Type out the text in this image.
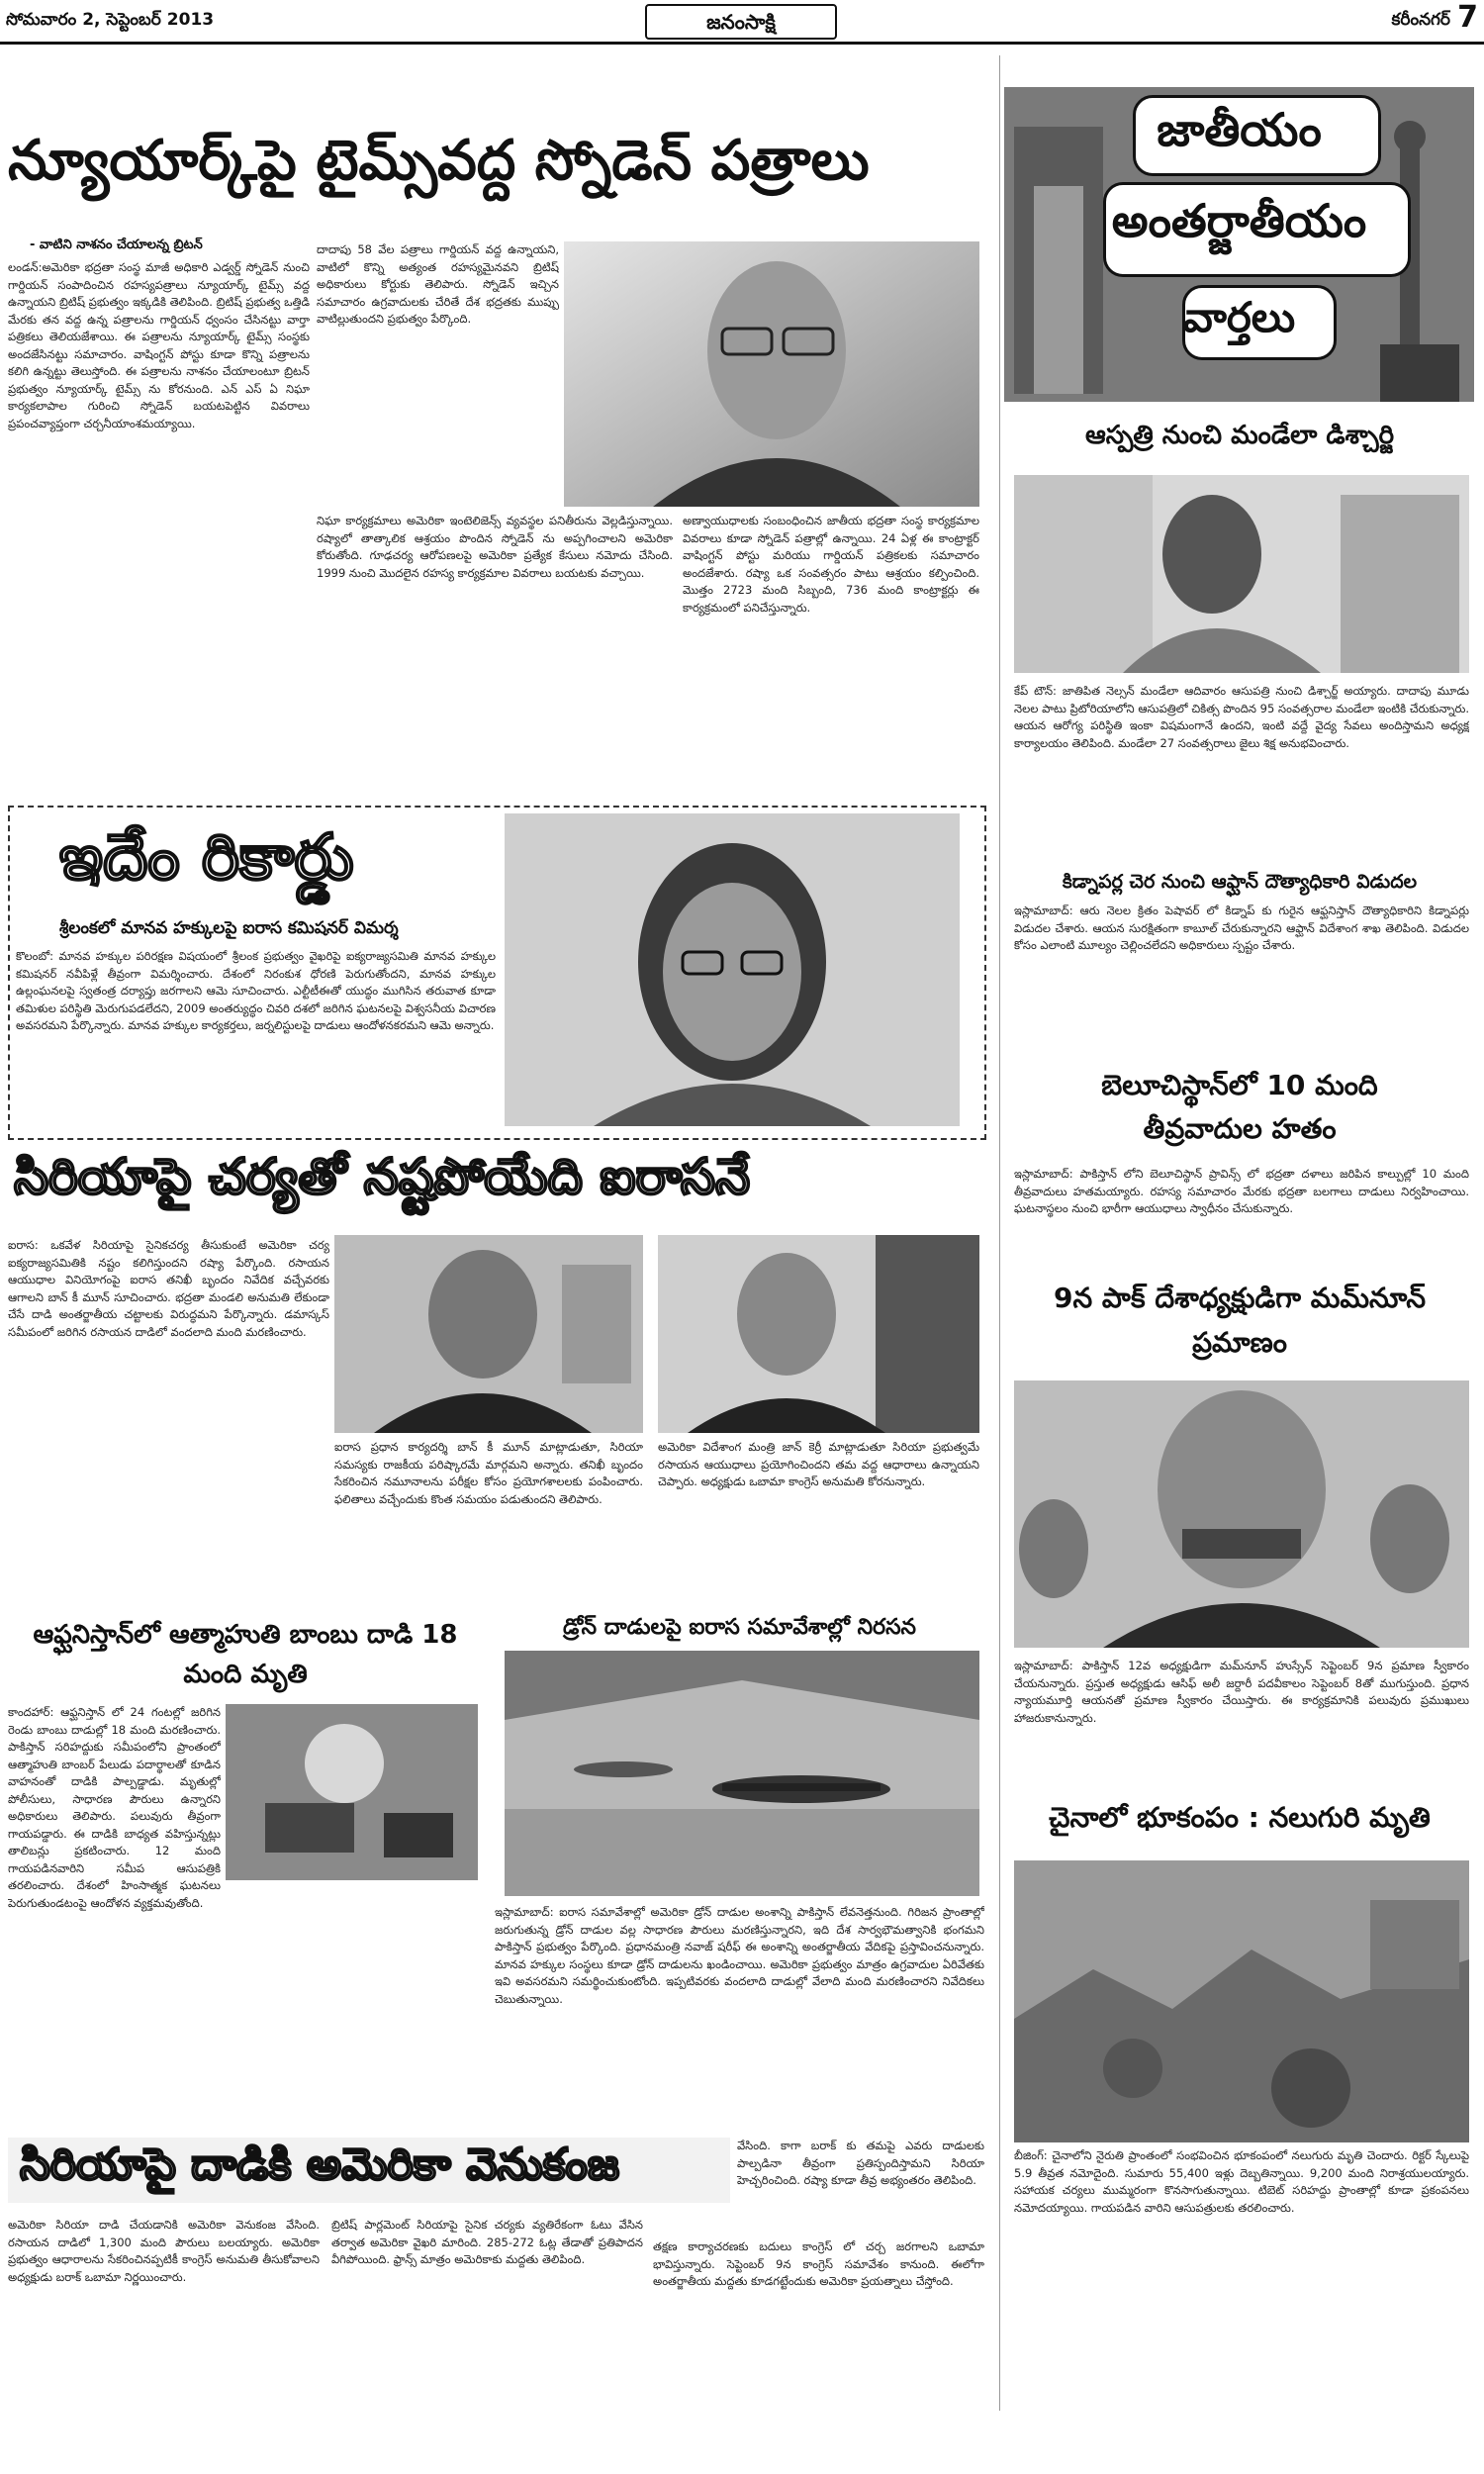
సోమవారం 2, సెప్టెంబర్ 2013	జనంసాక్షి	కరీంనగర్ 7
న్యూయార్క్‌పై టైమ్స్‌వద్ద స్నోడెన్ పత్రాలు
- వాటిని నాశనం చేయాలన్న బ్రిటన్
లండన్‌:అమెరికా భద్రతా సంస్థ మాజీ అధికారి ఎడ్వర్డ్ స్నోడెన్ నుంచి గార్డియన్ సంపాదించిన రహస్యపత్రాలు న్యూయార్క్ టైమ్స్ వద్ద ఉన్నాయని బ్రిటిష్ ప్రభుత్వం ఇక్కడికి తెలిపింది. బ్రిటిష్ ప్రభుత్వ ఒత్తిడి మేరకు తన వద్ద ఉన్న పత్రాలను గార్డియన్ ధ్వంసం చేసినట్టు వార్తా పత్రికలు తెలియజేశాయి. ఈ పత్రాలను న్యూయార్క్ టైమ్స్ సంస్థకు అందజేసినట్టు సమాచారం. వాషింగ్టన్ పోస్టు కూడా కొన్ని పత్రాలను కలిగి ఉన్నట్టు తెలుస్తోంది. ఈ పత్రాలను నాశనం చేయాలంటూ బ్రిటన్ ప్రభుత్వం న్యూయార్క్ టైమ్స్ ను కోరనుంది. ఎన్ ఎస్ ఏ నిఘా కార్యకలాపాల గురించి స్నోడెన్ బయటపెట్టిన వివరాలు ప్రపంచవ్యాప్తంగా చర్చనీయాంశమయ్యాయి.
దాదాపు 58 వేల పత్రాలు గార్డియన్ వద్ద ఉన్నాయని, వాటిలో కొన్ని అత్యంత రహస్యమైనవని బ్రిటిష్ అధికారులు కోర్టుకు తెలిపారు. స్నోడెన్ ఇచ్చిన సమాచారం ఉగ్రవాదులకు చేరితే దేశ భద్రతకు ముప్పు వాటిల్లుతుందని ప్రభుత్వం పేర్కొంది.
నిఘా కార్యక్రమాలు అమెరికా ఇంటెలిజెన్స్ వ్యవస్థల పనితీరును వెల్లడిస్తున్నాయి. రష్యాలో తాత్కాలిక ఆశ్రయం పొందిన స్నోడెన్ ను అప్పగించాలని అమెరికా కోరుతోంది. గూఢచర్య ఆరోపణలపై అమెరికా ప్రత్యేక కేసులు నమోదు చేసింది. 1999 నుంచి మొదలైన రహస్య కార్యక్రమాల వివరాలు బయటకు వచ్చాయి.
అణ్వాయుధాలకు సంబంధించిన జాతీయ భద్రతా సంస్థ కార్యక్రమాల వివరాలు కూడా స్నోడెన్ పత్రాల్లో ఉన్నాయి. 24 ఏళ్ల ఈ కాంట్రాక్టర్ వాషింగ్టన్ పోస్టు మరియు గార్డియన్ పత్రికలకు సమాచారం అందజేశారు. రష్యా ఒక సంవత్సరం పాటు ఆశ్రయం కల్పించింది. మొత్తం 2723 మంది సిబ్బంది, 736 మంది కాంట్రాక్టర్లు ఈ కార్యక్రమంలో పనిచేస్తున్నారు.
జాతీయం
అంతర్జాతీయం
వార్తలు
ఆస్పత్రి నుంచి మండేలా డిశ్చార్జి
కేప్ టౌన్: జాతిపిత నెల్సన్ మండేలా ఆదివారం ఆసుపత్రి నుంచి డిశ్చార్జ్ అయ్యారు. దాదాపు మూడు నెలల పాటు ప్రిటోరియాలోని ఆసుపత్రిలో చికిత్స పొందిన 95 సంవత్సరాల మండేలా ఇంటికి చేరుకున్నారు. ఆయన ఆరోగ్య పరిస్థితి ఇంకా విషమంగానే ఉందని, ఇంటి వద్దే వైద్య సేవలు అందిస్తామని అధ్యక్ష కార్యాలయం తెలిపింది. మండేలా 27 సంవత్సరాలు జైలు శిక్ష అనుభవించారు.
కిడ్నాపర్ల చెర నుంచి ఆఫ్ఘాన్ దౌత్యాధికారి విడుదల
ఇస్లామాబాద్: ఆరు నెలల క్రితం పెషావర్ లో కిడ్నాప్ కు గురైన ఆఫ్ఘనిస్తాన్ దౌత్యాధికారిని కిడ్నాపర్లు విడుదల చేశారు. ఆయన సురక్షితంగా కాబూల్ చేరుకున్నారని ఆఫ్ఘాన్ విదేశాంగ శాఖ తెలిపింది. విడుదల కోసం ఎలాంటి మూల్యం చెల్లించలేదని అధికారులు స్పష్టం చేశారు.
బెలూచిస్థాన్‌లో 10 మంది
తీవ్రవాదుల హతం
ఇస్లామాబాద్: పాకిస్తాన్ లోని బెలూచిస్థాన్ ప్రావిన్స్ లో భద్రతా దళాలు జరిపిన కాల్పుల్లో 10 మంది తీవ్రవాదులు హతమయ్యారు. రహస్య సమాచారం మేరకు భద్రతా బలగాలు దాడులు నిర్వహించాయి. ఘటనాస్థలం నుంచి భారీగా ఆయుధాలు స్వాధీనం చేసుకున్నారు.
9న పాక్ దేశాధ్యక్షుడిగా మమ్‌నూన్
ప్రమాణం
ఇస్లామాబాద్: పాకిస్తాన్ 12వ అధ్యక్షుడిగా మమ్‌నూన్ హుస్సేన్ సెప్టెంబర్ 9న ప్రమాణ స్వీకారం చేయనున్నారు. ప్రస్తుత అధ్యక్షుడు ఆసిఫ్ అలీ జర్దారీ పదవీకాలం సెప్టెంబర్ 8తో ముగుస్తుంది. ప్రధాన న్యాయమూర్తి ఆయనతో ప్రమాణ స్వీకారం చేయిస్తారు. ఈ కార్యక్రమానికి పలువురు ప్రముఖులు హాజరుకానున్నారు.
చైనాలో భూకంపం : నలుగురి మృతి
బీజింగ్: చైనాలోని నైరుతి ప్రాంతంలో సంభవించిన భూకంపంలో నలుగురు మృతి చెందారు. రిక్టర్ స్కేలుపై 5.9 తీవ్రత నమోదైంది. సుమారు 55,400 ఇళ్లు దెబ్బతిన్నాయి. 9,200 మంది నిరాశ్రయులయ్యారు. సహాయక చర్యలు ముమ్మరంగా కొనసాగుతున్నాయి. టిబెట్ సరిహద్దు ప్రాంతాల్లో కూడా ప్రకంపనలు నమోదయ్యాయి. గాయపడిన వారిని ఆసుపత్రులకు తరలించారు.
ఇదేం రికార్డు
శ్రీలంకలో మానవ హక్కులపై ఐరాస కమిషనర్ విమర్శ
కొలంబో: మానవ హక్కుల పరిరక్షణ విషయంలో శ్రీలంక ప్రభుత్వం వైఖరిపై ఐక్యరాజ్యసమితి మానవ హక్కుల కమిషనర్ నవీపిళ్లే తీవ్రంగా విమర్శించారు. దేశంలో నిరంకుశ ధోరణి పెరుగుతోందని, మానవ హక్కుల ఉల్లంఘనలపై స్వతంత్ర దర్యాప్తు జరగాలని ఆమె సూచించారు. ఎల్టీటీఈతో యుద్ధం ముగిసిన తరువాత కూడా తమిళుల పరిస్థితి మెరుగుపడలేదని, 2009 అంతర్యుద్ధం చివరి దశలో జరిగిన ఘటనలపై విశ్వసనీయ విచారణ అవసరమని పేర్కొన్నారు. మానవ హక్కుల కార్యకర్తలు, జర్నలిస్టులపై దాడులు ఆందోళనకరమని ఆమె అన్నారు.
సిరియాపై చర్యతో నష్టపోయేది ఐరాసనే
ఐరాస: ఒకవేళ సిరియాపై సైనికచర్య తీసుకుంటే అమెరికా చర్య ఐక్యరాజ్యసమితికి నష్టం కలిగిస్తుందని రష్యా పేర్కొంది. రసాయన ఆయుధాల వినియోగంపై ఐరాస తనిఖీ బృందం నివేదిక వచ్చేవరకు ఆగాలని బాన్ కీ మూన్ సూచించారు. భద్రతా మండలి అనుమతి లేకుండా చేసే దాడి అంతర్జాతీయ చట్టాలకు విరుద్ధమని పేర్కొన్నారు. డమాస్కస్ సమీపంలో జరిగిన రసాయన దాడిలో వందలాది మంది మరణించారు.
ఐరాస ప్రధాన కార్యదర్శి బాన్ కీ మూన్ మాట్లాడుతూ, సిరియా సమస్యకు రాజకీయ పరిష్కారమే మార్గమని అన్నారు. తనిఖీ బృందం సేకరించిన నమూనాలను పరీక్షల కోసం ప్రయోగశాలలకు పంపించారు. ఫలితాలు వచ్చేందుకు కొంత సమయం పడుతుందని తెలిపారు.
అమెరికా విదేశాంగ మంత్రి జాన్ కెర్రీ మాట్లాడుతూ సిరియా ప్రభుత్వమే రసాయన ఆయుధాలు ప్రయోగించిందని తమ వద్ద ఆధారాలు ఉన్నాయని చెప్పారు. అధ్యక్షుడు ఒబామా కాంగ్రెస్ అనుమతి కోరనున్నారు.
ఆఫ్ఘనిస్తాన్‌లో ఆత్మాహుతి బాంబు దాడి 18 మంది మృతి
కాందహార్: ఆఫ్ఘనిస్తాన్ లో 24 గంటల్లో జరిగిన రెండు బాంబు దాడుల్లో 18 మంది మరణించారు. పాకిస్తాన్ సరిహద్దుకు సమీపంలోని ప్రాంతంలో ఆత్మాహుతి బాంబర్ పేలుడు పదార్థాలతో కూడిన వాహనంతో దాడికి పాల్పడ్డాడు. మృతుల్లో పోలీసులు, సాధారణ పౌరులు ఉన్నారని అధికారులు తెలిపారు. పలువురు తీవ్రంగా గాయపడ్డారు. ఈ దాడికి బాధ్యత వహిస్తున్నట్లు తాలిబన్లు ప్రకటించారు. 12 మంది గాయపడినవారిని సమీప ఆసుపత్రికి తరలించారు. దేశంలో హింసాత్మక ఘటనలు పెరుగుతుండటంపై ఆందోళన వ్యక్తమవుతోంది.
డ్రోన్ దాడులపై ఐరాస సమావేశాల్లో నిరసన
ఇస్లామాబాద్: ఐరాస సమావేశాల్లో అమెరికా డ్రోన్ దాడుల అంశాన్ని పాకిస్తాన్ లేవనెత్తనుంది. గిరిజన ప్రాంతాల్లో జరుగుతున్న డ్రోన్ దాడుల వల్ల సాధారణ పౌరులు మరణిస్తున్నారని, ఇది దేశ సార్వభౌమత్వానికి భంగమని పాకిస్తాన్ ప్రభుత్వం పేర్కొంది. ప్రధానమంత్రి నవాజ్ షరీఫ్ ఈ అంశాన్ని అంతర్జాతీయ వేదికపై ప్రస్తావించనున్నారు. మానవ హక్కుల సంస్థలు కూడా డ్రోన్ దాడులను ఖండించాయి. అమెరికా ప్రభుత్వం మాత్రం ఉగ్రవాదుల ఏరివేతకు ఇవి అవసరమని సమర్థించుకుంటోంది. ఇప్పటివరకు వందలాది దాడుల్లో వేలాది మంది మరణించారని నివేదికలు చెబుతున్నాయి.
సిరియాపై దాడికి అమెరికా వెనుకంజ	వేసింది. కాగా బరాక్‌ కు తమపై ఎవరు దాడులకు పాల్పడినా తీవ్రంగా ప్రతిస్పందిస్తామని సిరియా హెచ్చరించింది. రష్యా కూడా తీవ్ర అభ్యంతరం తెలిపింది.
అమెరికా సిరియా దాడి చేయడానికి అమెరికా వెనుకంజ వేసింది. రసాయన దాడిలో 1,300 మంది పౌరులు బలయ్యారు. అమెరికా ప్రభుత్వం ఆధారాలను సేకరించినప్పటికీ కాంగ్రెస్ అనుమతి తీసుకోవాలని అధ్యక్షుడు బరాక్ ఒబామా నిర్ణయించారు.
బ్రిటిష్ పార్లమెంట్ సిరియాపై సైనిక చర్యకు వ్యతిరేకంగా ఓటు వేసిన తర్వాత అమెరికా వైఖరి మారింది. 285-272 ఓట్ల తేడాతో ప్రతిపాదన వీగిపోయింది. ఫ్రాన్స్ మాత్రం అమెరికాకు మద్దతు తెలిపింది.
తక్షణ కార్యాచరణకు బదులు కాంగ్రెస్ లో చర్చ జరగాలని ఒబామా భావిస్తున్నారు. సెప్టెంబర్ 9న కాంగ్రెస్ సమావేశం కానుంది. ఈలోగా అంతర్జాతీయ మద్దతు కూడగట్టేందుకు అమెరికా ప్రయత్నాలు చేస్తోంది.
